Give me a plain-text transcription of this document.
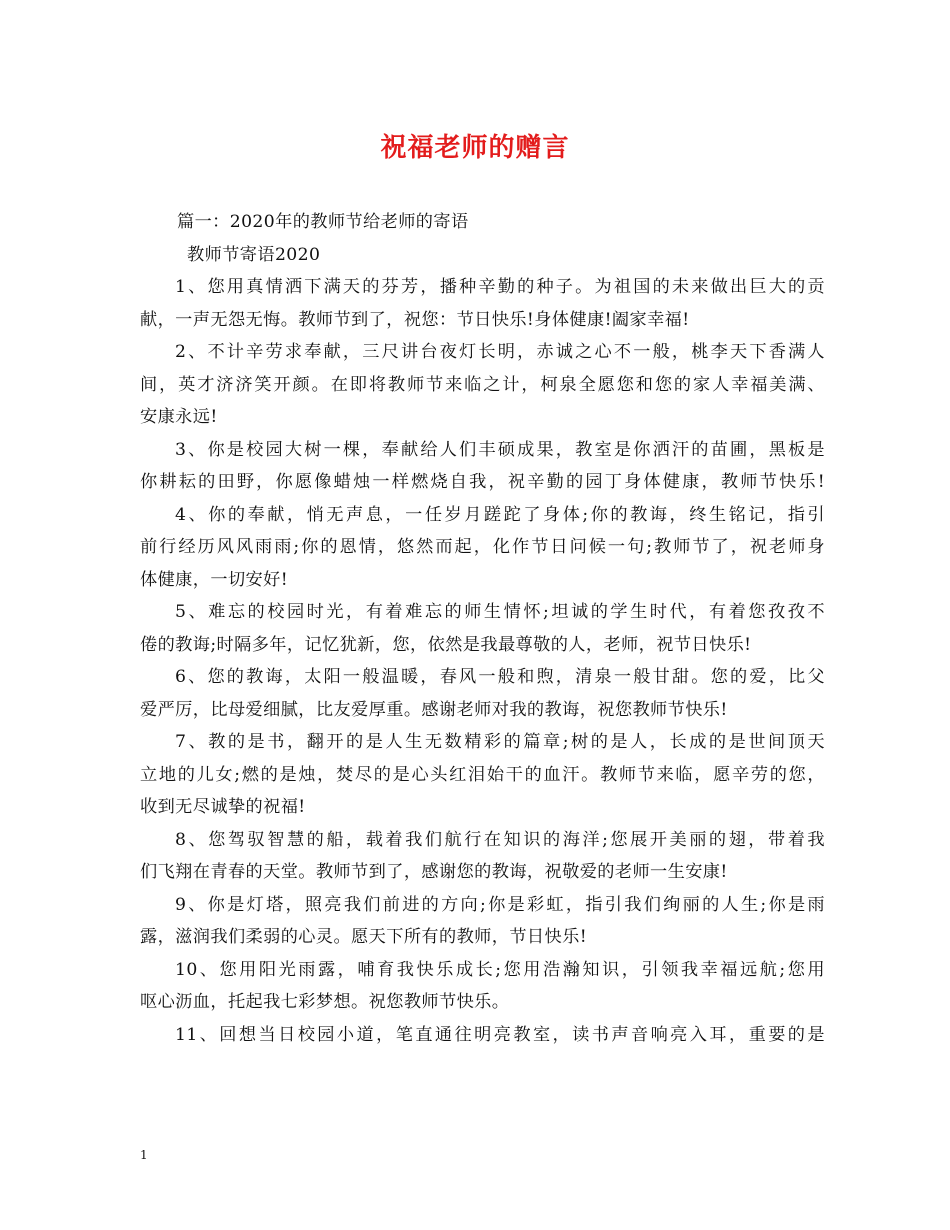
祝福老师的赠言
篇一：2020年的教师节给老师的寄语
教师节寄语2020
1、您用真情洒下满天的芬芳，播种辛勤的种子。为祖国的未来做出巨大的贡
献，一声无怨无悔。教师节到了，祝您：节日快乐!身体健康!阖家幸福!
2、不计辛劳求奉献，三尺讲台夜灯长明，赤诚之心不一般，桃李天下香满人
间，英才济济笑开颜。在即将教师节来临之计，柯泉全愿您和您的家人幸福美满、
安康永远!
3、你是校园大树一棵，奉献给人们丰硕成果，教室是你洒汗的苗圃，黑板是
你耕耘的田野，你愿像蜡烛一样燃烧自我，祝辛勤的园丁身体健康，教师节快乐!
4、你的奉献，悄无声息，一任岁月蹉跎了身体;你的教诲，终生铭记，指引
前行经历风风雨雨;你的恩情，悠然而起，化作节日问候一句;教师节了，祝老师身
体健康，一切安好!
5、难忘的校园时光，有着难忘的师生情怀;坦诚的学生时代，有着您孜孜不
倦的教诲;时隔多年，记忆犹新，您，依然是我最尊敬的人，老师，祝节日快乐!
6、您的教诲，太阳一般温暖，春风一般和煦，清泉一般甘甜。您的爱，比父
爱严厉，比母爱细腻，比友爱厚重。感谢老师对我的教诲，祝您教师节快乐!
7、教的是书，翻开的是人生无数精彩的篇章;树的是人，长成的是世间顶天
立地的儿女;燃的是烛，焚尽的是心头红泪始干的血汗。教师节来临，愿辛劳的您，
收到无尽诚挚的祝福!
8、您驾驭智慧的船，载着我们航行在知识的海洋;您展开美丽的翅，带着我
们飞翔在青春的天堂。教师节到了，感谢您的教诲，祝敬爱的老师一生安康!
9、你是灯塔，照亮我们前进的方向;你是彩虹，指引我们绚丽的人生;你是雨
露，滋润我们柔弱的心灵。愿天下所有的教师，节日快乐!
10、您用阳光雨露，哺育我快乐成长;您用浩瀚知识，引领我幸福远航;您用
呕心沥血，托起我七彩梦想。祝您教师节快乐。
11、回想当日校园小道，笔直通往明亮教室，读书声音响亮入耳，重要的是
1
